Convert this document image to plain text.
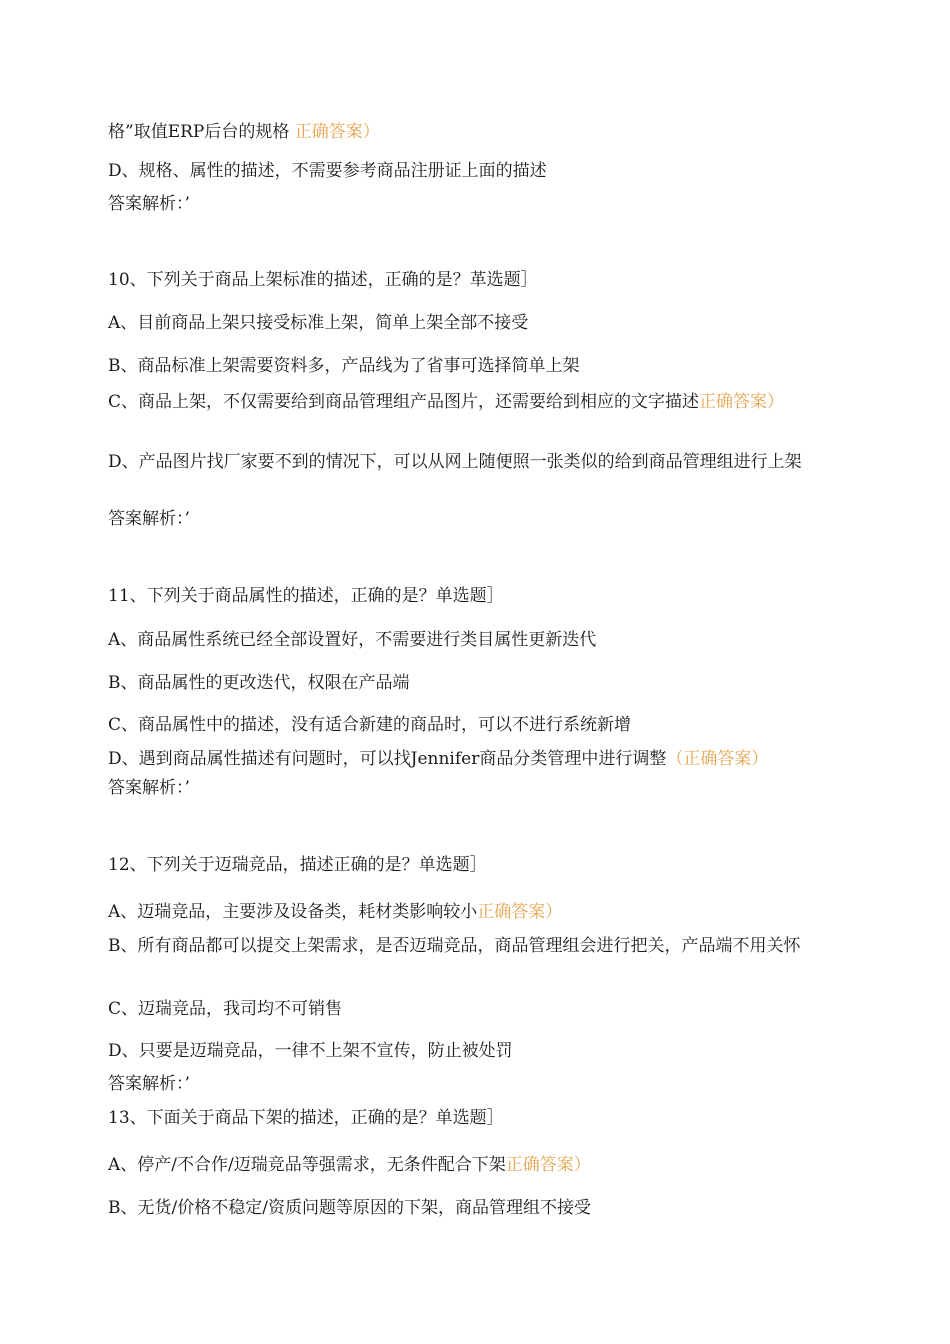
格”取值ERP后台的规格 正确答案）
D、规格、属性的描述，不需要参考商品注册证上面的描述
答案解析：’
10、下列关于商品上架标准的描述，正确的是？革选题］
A、目前商品上架只接受标准上架，简单上架全部不接受
B、商品标准上架需要资料多，产品线为了省事可选择简单上架
C、商品上架，不仅需要给到商品管理组产品图片，还需要给到相应的文字描述正确答案）
D、产品图片找厂家要不到的情况下，可以从网上随便照一张类似的给到商品管理组进行上架
答案解析：’
11、下列关于商品属性的描述，正确的是？单选题］
A、商品属性系统已经全部设置好，不需要进行类目属性更新迭代
B、商品属性的更改迭代，权限在产品端
C、商品属性中的描述，没有适合新建的商品时，可以不进行系统新增
D、遇到商品属性描述有问题时，可以找Jennifer商品分类管理中进行调整（正确答案）
答案解析：’
12、下列关于迈瑞竞品，描述正确的是？单选题］
A、迈瑞竞品，主要涉及设备类，耗材类影响较小正确答案）
B、所有商品都可以提交上架需求，是否迈瑞竞品，商品管理组会进行把关，产品端不用关怀
C、迈瑞竞品，我司均不可销售
D、只要是迈瑞竞品，一律不上架不宣传，防止被处罚
答案解析：’
13、下面关于商品下架的描述，正确的是？单选题］
A、停产/不合作/迈瑞竞品等强需求，无条件配合下架正确答案）
B、无货/价格不稳定/资质问题等原因的下架，商品管理组不接受
